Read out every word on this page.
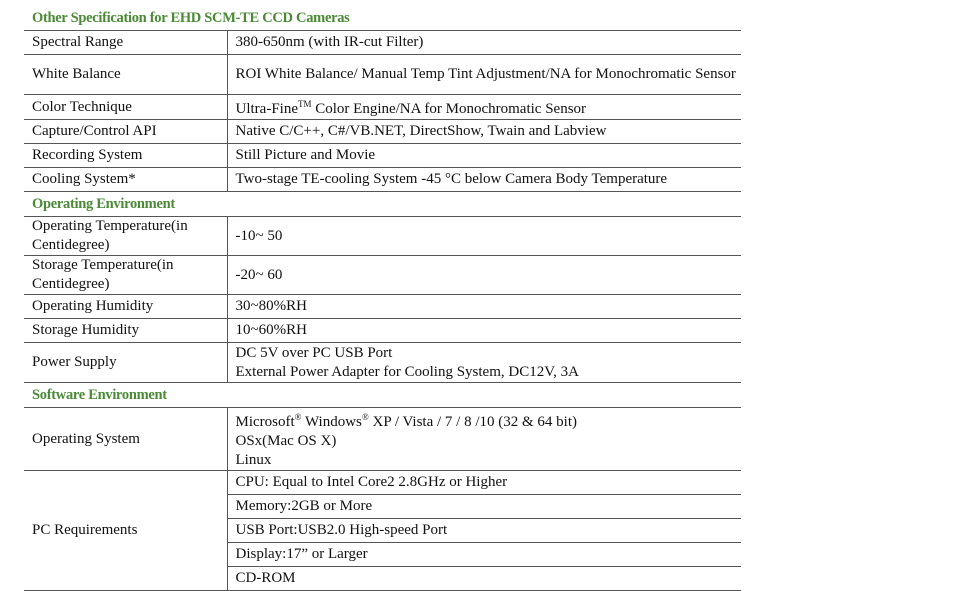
Other Specification for EHD SCM-TE CCD Cameras	
Spectral Range	380-650nm (with IR-cut Filter)
White Balance	ROI White Balance/ Manual Temp Tint Adjustment/NA for Monochromatic Sensor
Color Technique	Ultra-Fine™ Color Engine/NA for Monochromatic Sensor
Capture/Control API	Native C/C++, C#/VB.NET, DirectShow, Twain and Labview
Recording System	Still Picture and Movie
Cooling System*	Two-stage TE-cooling System -45 °C below Camera Body Temperature
Operating Environment	
Operating Temperature(in Centidegree)	-10~ 50
Storage Temperature(in Centidegree)	-20~ 60
Operating Humidity	30~80%RH
Storage Humidity	10~60%RH
Power Supply	DC 5V over PC USB Port
External Power Adapter for Cooling System, DC12V, 3A

Software Environment	
Operating System	Microsoft® Windows® XP / Vista / 7 / 8 /10 (32 & 64 bit)
OSx(Mac OS X)
Linux

PC Requirements	CPU: Equal to Intel Core2 2.8GHz or Higher
	Memory:2GB or More
	USB Port:USB2.0 High-speed Port
	Display:17” or Larger
	CD-ROM
